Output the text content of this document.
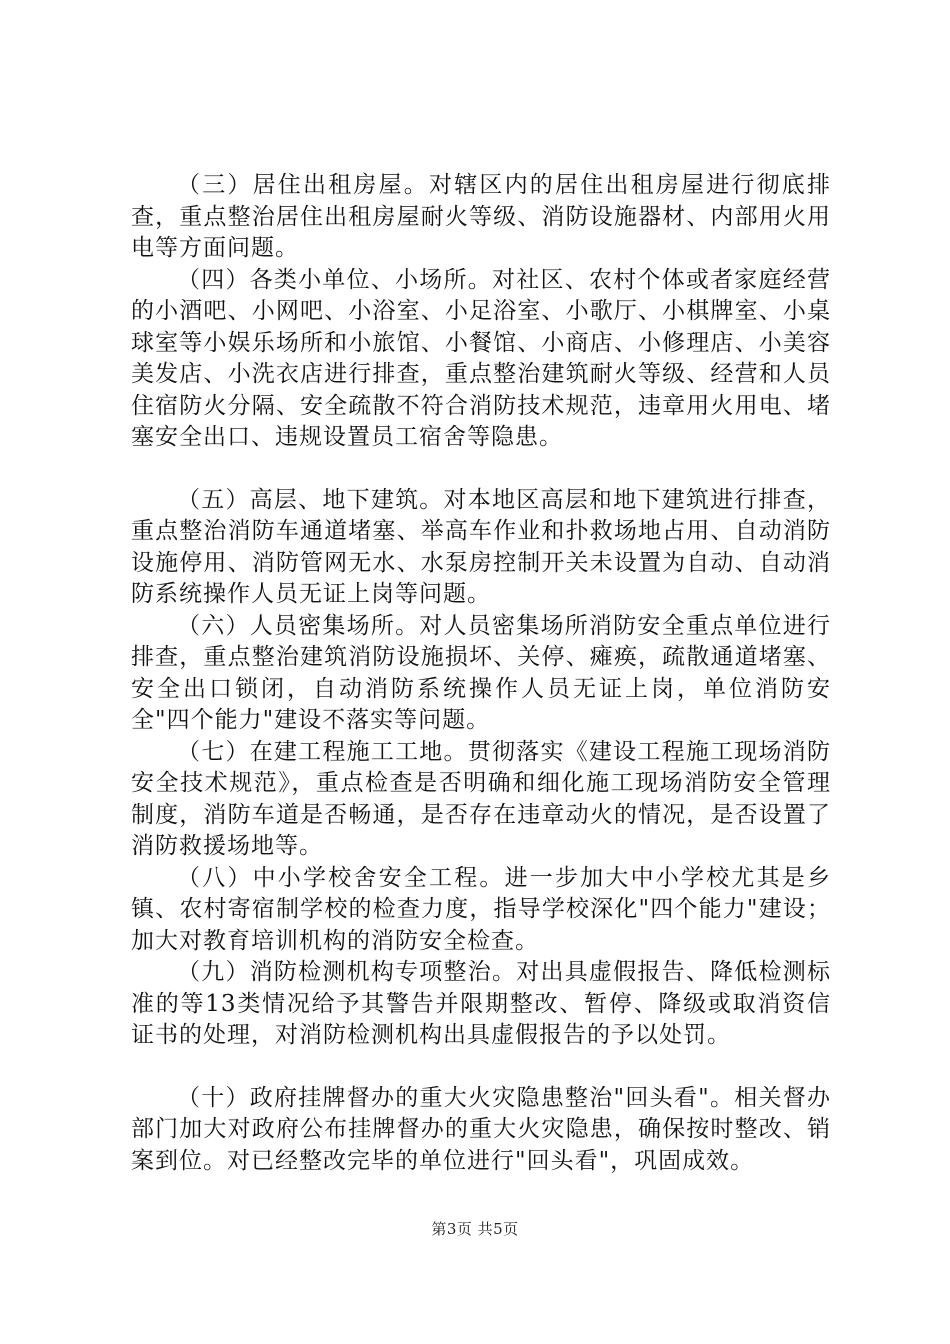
（三）居住出租房屋。对辖区内的居住出租房屋进行彻底排查，重点整治居住出租房屋耐火等级、消防设施器材、内部用火用电等方面问题。

（四）各类小单位、小场所。对社区、农村个体或者家庭经营的小酒吧、小网吧、小浴室、小足浴室、小歌厅、小棋牌室、小桌球室等小娱乐场所和小旅馆、小餐馆、小商店、小修理店、小美容美发店、小洗衣店进行排查，重点整治建筑耐火等级、经营和人员住宿防火分隔、安全疏散不符合消防技术规范，违章用火用电、堵塞安全出口、违规设置员工宿舍等隐患。

（五）高层、地下建筑。对本地区高层和地下建筑进行排查，重点整治消防车通道堵塞、举高车作业和扑救场地占用、自动消防设施停用、消防管网无水、水泵房控制开关未设置为自动、自动消防系统操作人员无证上岗等问题。

（六）人员密集场所。对人员密集场所消防安全重点单位进行排查，重点整治建筑消防设施损坏、关停、瘫痪，疏散通道堵塞、安全出口锁闭，自动消防系统操作人员无证上岗，单位消防安全"四个能力"建设不落实等问题。

（七）在建工程施工工地。贯彻落实《建设工程施工现场消防安全技术规范》，重点检查是否明确和细化施工现场消防安全管理制度，消防车道是否畅通，是否存在违章动火的情况，是否设置了消防救援场地等。

（八）中小学校舍安全工程。进一步加大中小学校尤其是乡镇、农村寄宿制学校的检查力度，指导学校深化"四个能力"建设；加大对教育培训机构的消防安全检查。

（九）消防检测机构专项整治。对出具虚假报告、降低检测标准的等13类情况给予其警告并限期整改、暂停、降级或取消资信证书的处理，对消防检测机构出具虚假报告的予以处罚。

（十）政府挂牌督办的重大火灾隐患整治"回头看"。相关督办部门加大对政府公布挂牌督办的重大火灾隐患，确保按时整改、销案到位。对已经整改完毕的单位进行"回头看"，巩固成效。

第3页 共5页
